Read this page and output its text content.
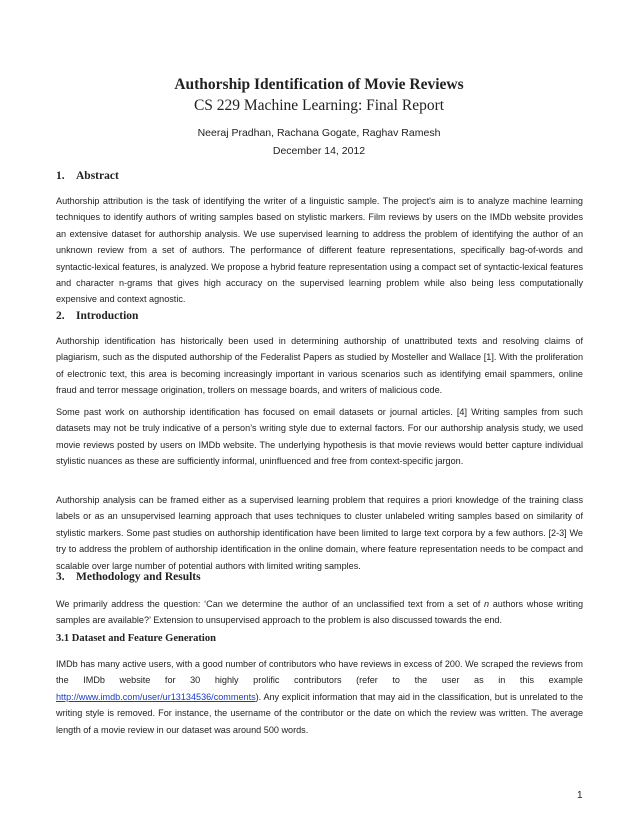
Authorship Identification of Movie Reviews
CS 229 Machine Learning: Final Report
Neeraj Pradhan, Rachana Gogate, Raghav Ramesh
December 14, 2012
1. Abstract
Authorship attribution is the task of identifying the writer of a linguistic sample. The project's aim is to analyze machine learning techniques to identify authors of writing samples based on stylistic markers. Film reviews by users on the IMDb website provides an extensive dataset for authorship analysis. We use supervised learning to address the problem of identifying the author of an unknown review from a set of authors. The performance of different feature representations, specifically bag-of-words and syntactic-lexical features, is analyzed. We propose a hybrid feature representation using a compact set of syntactic-lexical features and character n-grams that gives high accuracy on the supervised learning problem while also being less computationally expensive and context agnostic.
2. Introduction
Authorship identification has historically been used in determining authorship of unattributed texts and resolving claims of plagiarism, such as the disputed authorship of the Federalist Papers as studied by Mosteller and Wallace [1]. With the proliferation of electronic text, this area is becoming increasingly important in various scenarios such as identifying email spammers, online fraud and terror message origination, trollers on message boards, and writers of malicious code.
Some past work on authorship identification has focused on email datasets or journal articles. [4] Writing samples from such datasets may not be truly indicative of a person’s writing style due to external factors. For our authorship analysis study, we used movie reviews posted by users on IMDb website. The underlying hypothesis is that movie reviews would better capture individual stylistic nuances as these are sufficiently informal, uninfluenced and free from context-specific jargon.
Authorship analysis can be framed either as a supervised learning problem that requires a priori knowledge of the training class labels or as an unsupervised learning approach that uses techniques to cluster unlabeled writing samples based on similarity of stylistic markers. Some past studies on authorship identification have been limited to large text corpora by a few authors. [2-3] We try to address the problem of authorship identification in the online domain, where feature representation needs to be compact and scalable over large number of potential authors with limited writing samples.
3. Methodology and Results
We primarily address the question: ‘Can we determine the author of an unclassified text from a set of n authors whose writing samples are available?’ Extension to unsupervised approach to the problem is also discussed towards the end.
3.1 Dataset and Feature Generation
IMDb has many active users, with a good number of contributors who have reviews in excess of 200. We scraped the reviews from the IMDb website for 30 highly prolific contributors (refer to the user as in this example http://www.imdb.com/user/ur13134536/comments). Any explicit information that may aid in the classification, but is unrelated to the writing style is removed. For instance, the username of the contributor or the date on which the review was written. The average length of a movie review in our dataset was around 500 words.
1
